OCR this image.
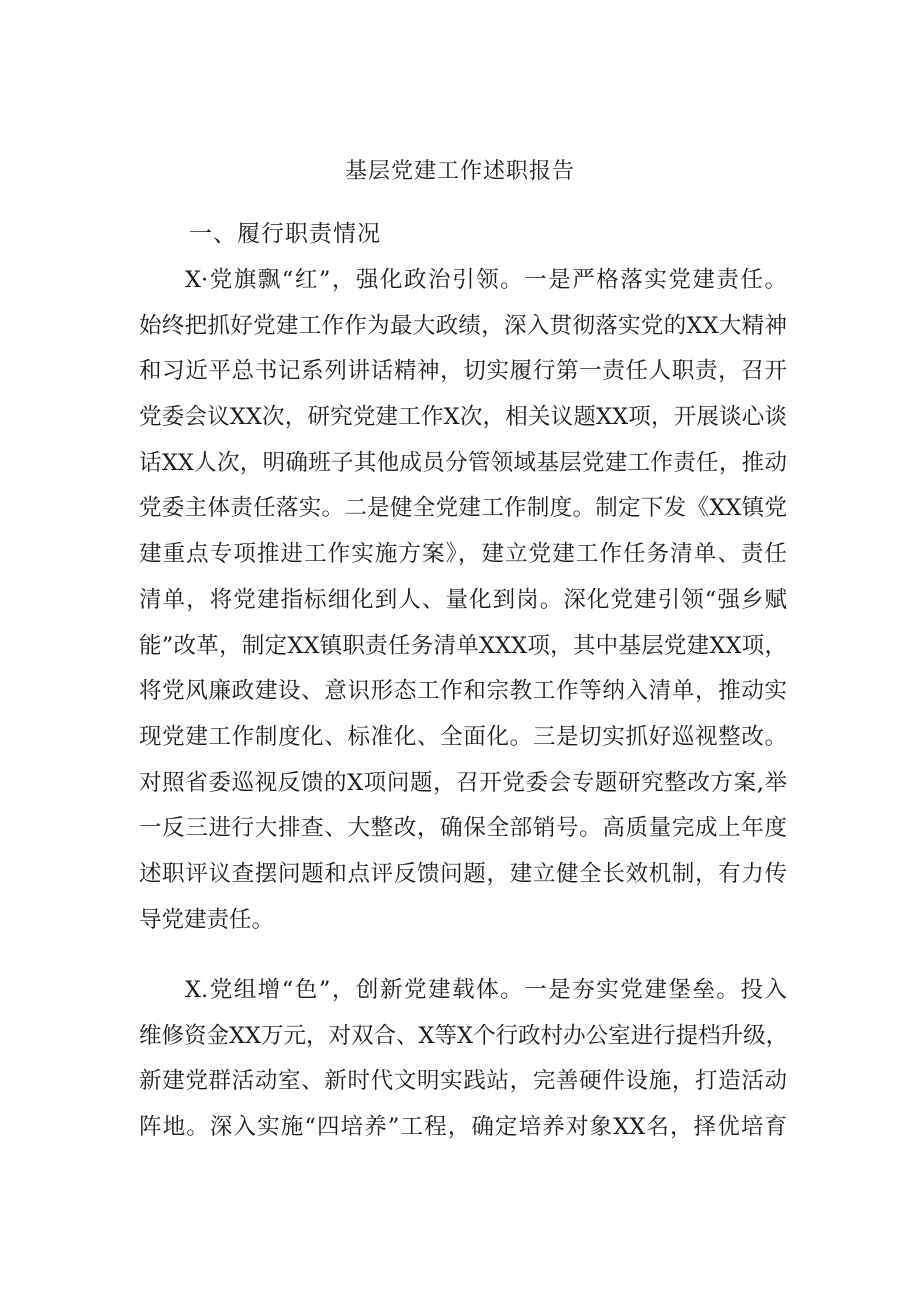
基层党建工作述职报告
一、履行职责情况
X·党旗飘“红”，强化政治引领。一是严格落实党建责任。
始终把抓好党建工作作为最大政绩，深入贯彻落实党的XX大精神
和习近平总书记系列讲话精神，切实履行第一责任人职责，召开
党委会议XX次，研究党建工作X次，相关议题XX项，开展谈心谈
话XX人次，明确班子其他成员分管领域基层党建工作责任，推动
党委主体责任落实。二是健全党建工作制度。制定下发《XX镇党
建重点专项推进工作实施方案》，建立党建工作任务清单、责任
清单，将党建指标细化到人、量化到岗。深化党建引领“强乡赋
能”改革，制定XX镇职责任务清单XXX项，其中基层党建XX项，
将党风廉政建设、意识形态工作和宗教工作等纳入清单，推动实
现党建工作制度化、标准化、全面化。三是切实抓好巡视整改。
对照省委巡视反馈的X项问题，召开党委会专题研究整改方案,举
一反三进行大排查、大整改，确保全部销号。高质量完成上年度
述职评议查摆问题和点评反馈问题，建立健全长效机制，有力传
导党建责任。
X.党组增“色”，创新党建载体。一是夯实党建堡垒。投入
维修资金XX万元，对双合、X等X个行政村办公室进行提档升级，
新建党群活动室、新时代文明实践站，完善硬件设施，打造活动
阵地。深入实施“四培养”工程，确定培养对象XX名，择优培育
